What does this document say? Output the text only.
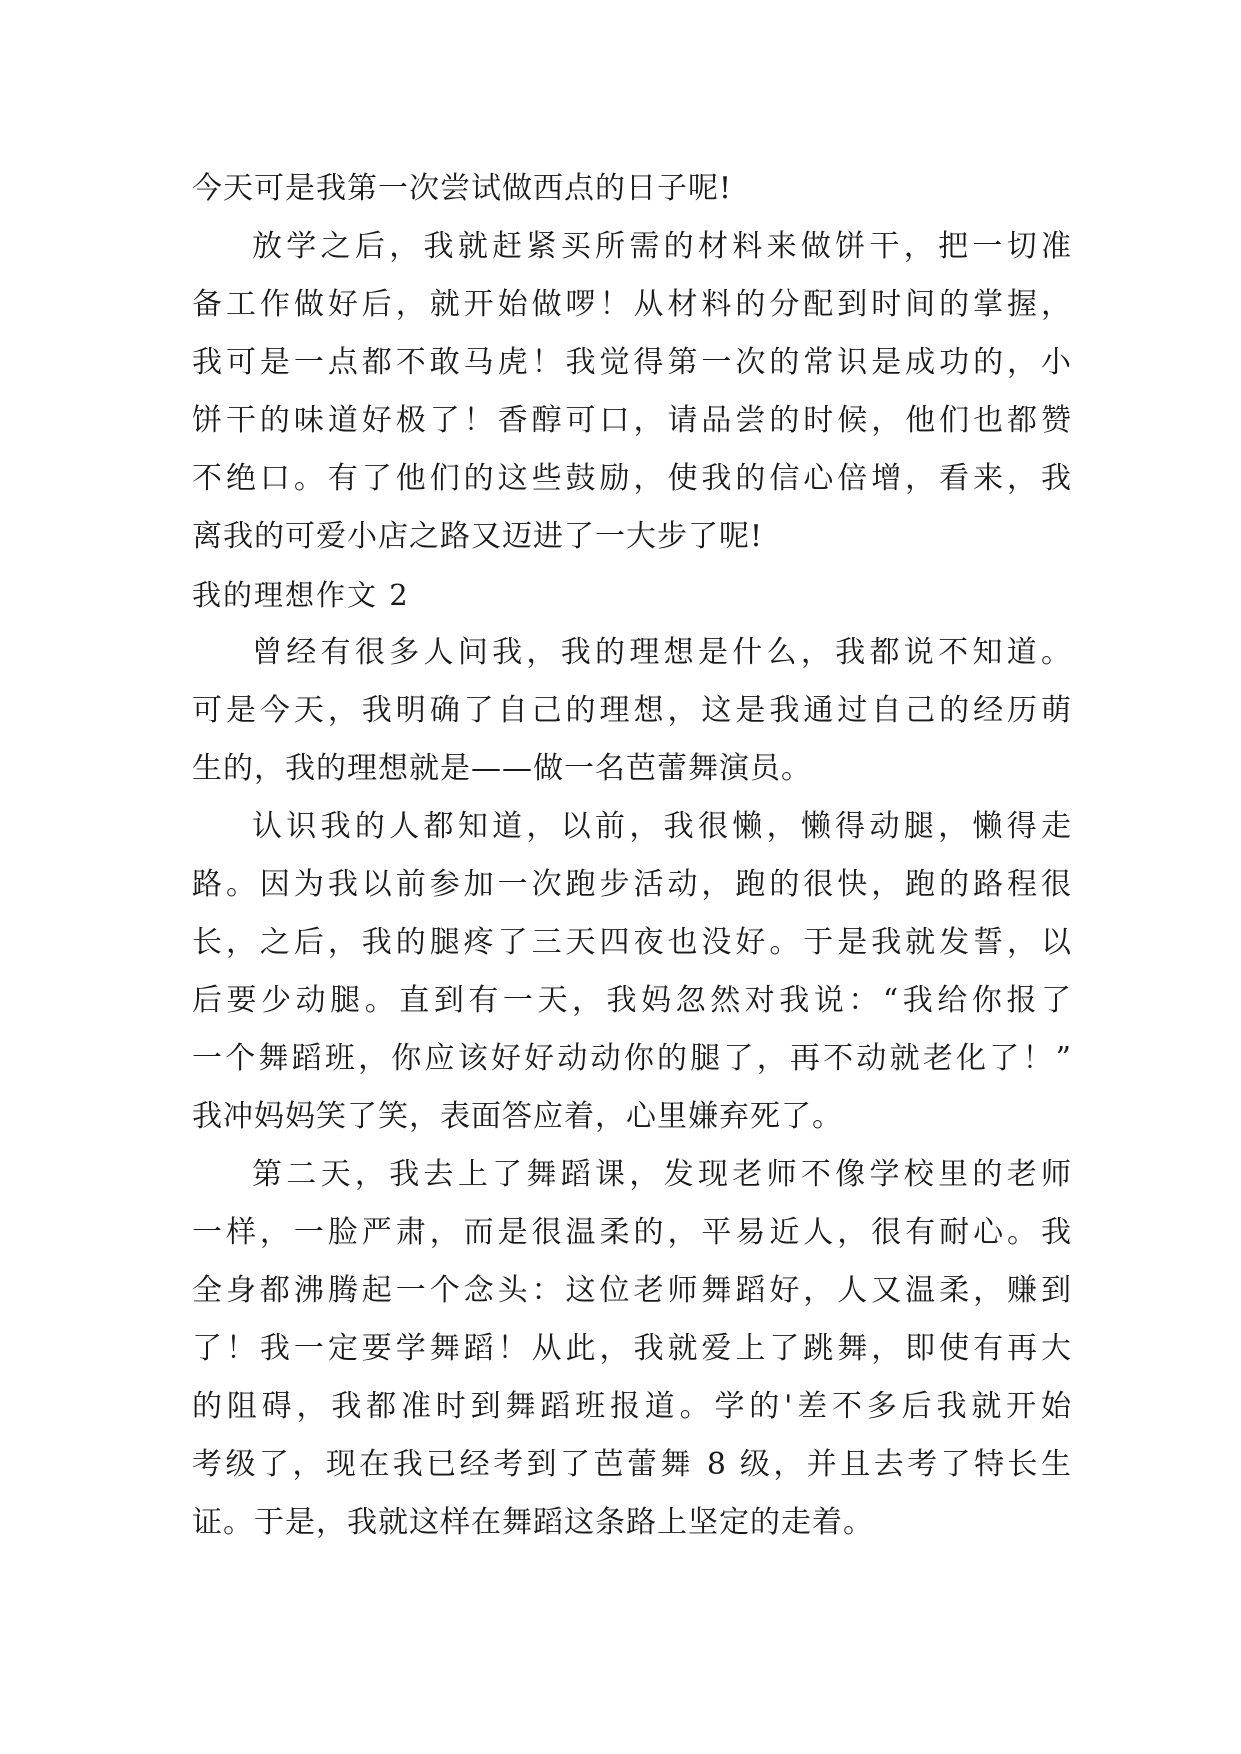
今天可是我第一次尝试做西点的日子呢!
放学之后，我就赶紧买所需的材料来做饼干，把一切准
备工作做好后，就开始做啰！从材料的分配到时间的掌握，
我可是一点都不敢马虎！我觉得第一次的常识是成功的，小
饼干的味道好极了！香醇可口，请品尝的时候，他们也都赞
不绝口。有了他们的这些鼓励，使我的信心倍增，看来，我
离我的可爱小店之路又迈进了一大步了呢!
我的理想作文 2
曾经有很多人问我，我的理想是什么，我都说不知道。
可是今天，我明确了自己的理想，这是我通过自己的经历萌
生的，我的理想就是——做一名芭蕾舞演员。
认识我的人都知道，以前，我很懒，懒得动腿，懒得走
路。因为我以前参加一次跑步活动，跑的很快，跑的路程很
长，之后，我的腿疼了三天四夜也没好。于是我就发誓，以
后要少动腿。直到有一天，我妈忽然对我说：“我给你报了
一个舞蹈班，你应该好好动动你的腿了，再不动就老化了！”
我冲妈妈笑了笑，表面答应着，心里嫌弃死了。
第二天，我去上了舞蹈课，发现老师不像学校里的老师
一样，一脸严肃，而是很温柔的，平易近人，很有耐心。我
全身都沸腾起一个念头：这位老师舞蹈好，人又温柔，赚到
了！我一定要学舞蹈！从此，我就爱上了跳舞，即使有再大
的阻碍，我都准时到舞蹈班报道。学的'差不多后我就开始
考级了，现在我已经考到了芭蕾舞 8 级，并且去考了特长生
证。于是，我就这样在舞蹈这条路上坚定的走着。
